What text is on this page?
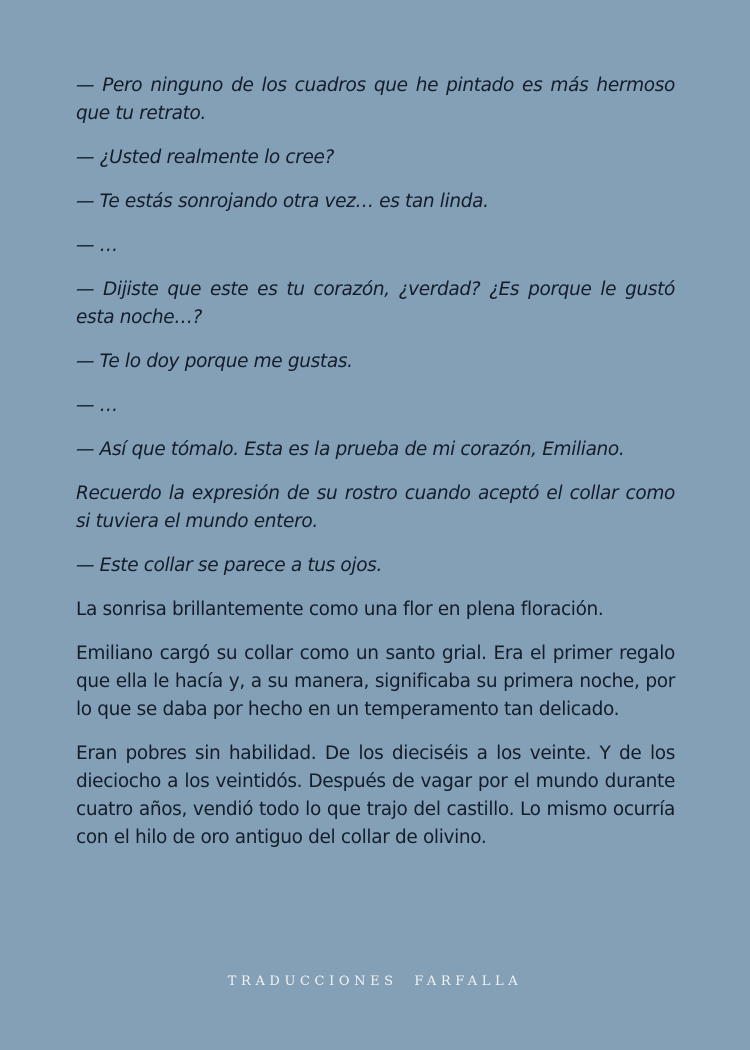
— Pero ninguno de los cuadros que he pintado es más hermoso que tu retrato.

— ¿Usted realmente lo cree?

— Te estás sonrojando otra vez… es tan linda.

— …

— Dijiste que este es tu corazón, ¿verdad? ¿Es porque le gustó esta noche…?

— Te lo doy porque me gustas.

— …

— Así que tómalo. Esta es la prueba de mi corazón, Emiliano.

Recuerdo la expresión de su rostro cuando aceptó el collar como si tuviera el mundo entero.

— Este collar se parece a tus ojos.

La sonrisa brillantemente como una flor en plena floración.

Emiliano cargó su collar como un santo grial. Era el primer regalo que ella le hacía y, a su manera, significaba su primera noche, por lo que se daba por hecho en un temperamento tan delicado.

Eran pobres sin habilidad. De los dieciséis a los veinte. Y de los dieciocho a los veintidós. Después de vagar por el mundo durante cuatro años, vendió todo lo que trajo del castillo. Lo mismo ocurría con el hilo de oro antiguo del collar de olivino.

TRADUCCIONES FARFALLA
